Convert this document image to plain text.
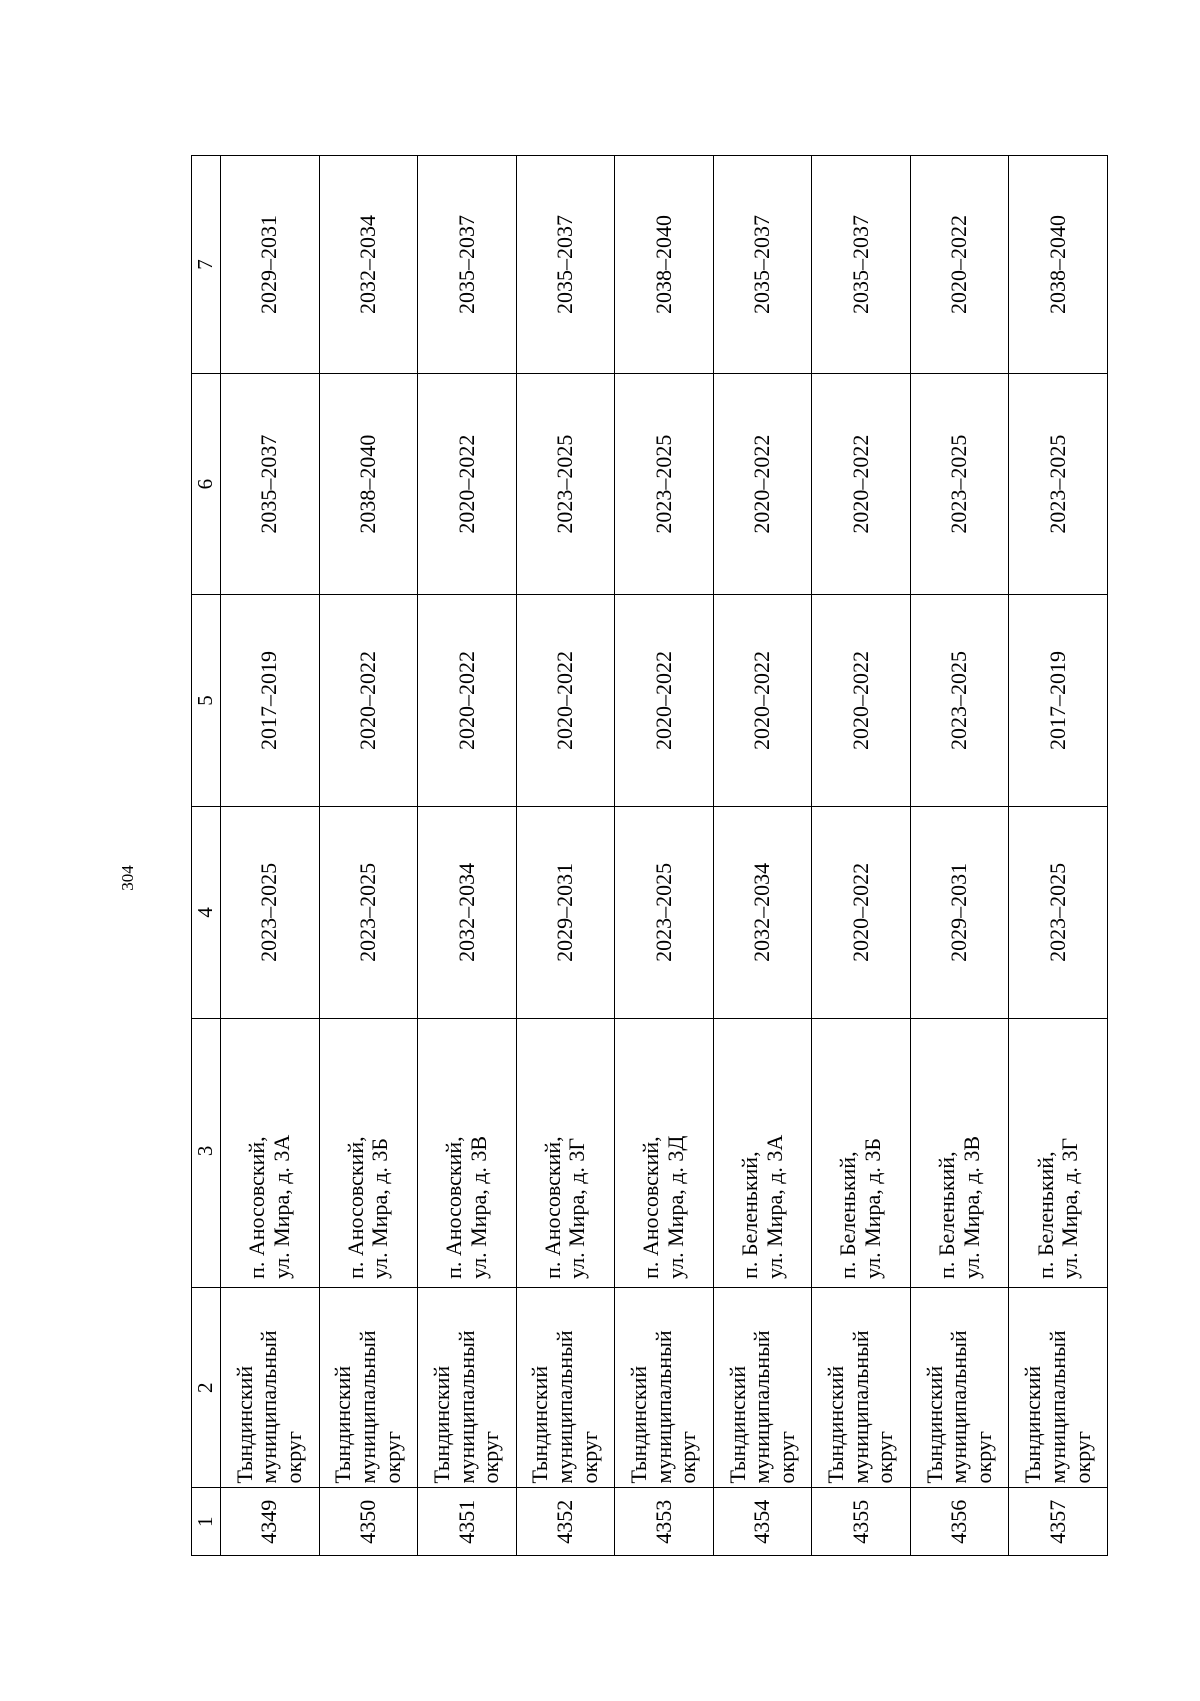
304
1	2	3	4	5	6	7
4349	Тындинский муниципальный округ	п. Аносовский, ул. Мира, д. 3А	2023–2025	2017–2019	2035–2037	2029–2031
4350	Тындинский муниципальный округ	п. Аносовский, ул. Мира, д. 3Б	2023–2025	2020–2022	2038–2040	2032–2034
4351	Тындинский муниципальный округ	п. Аносовский, ул. Мира, д. 3В	2032–2034	2020–2022	2020–2022	2035–2037
4352	Тындинский муниципальный округ	п. Аносовский, ул. Мира, д. 3Г	2029–2031	2020–2022	2023–2025	2035–2037
4353	Тындинский муниципальный округ	п. Аносовский, ул. Мира, д. 3Д	2023–2025	2020–2022	2023–2025	2038–2040
4354	Тындинский муниципальный округ	п. Беленький, ул. Мира, д. 3А	2032–2034	2020–2022	2020–2022	2035–2037
4355	Тындинский муниципальный округ	п. Беленький, ул. Мира, д. 3Б	2020–2022	2020–2022	2020–2022	2035–2037
4356	Тындинский муниципальный округ	п. Беленький, ул. Мира, д. 3В	2029–2031	2023–2025	2023–2025	2020–2022
4357	Тындинский муниципальный округ	п. Беленький, ул. Мира, д. 3Г	2023–2025	2017–2019	2023–2025	2038–2040
